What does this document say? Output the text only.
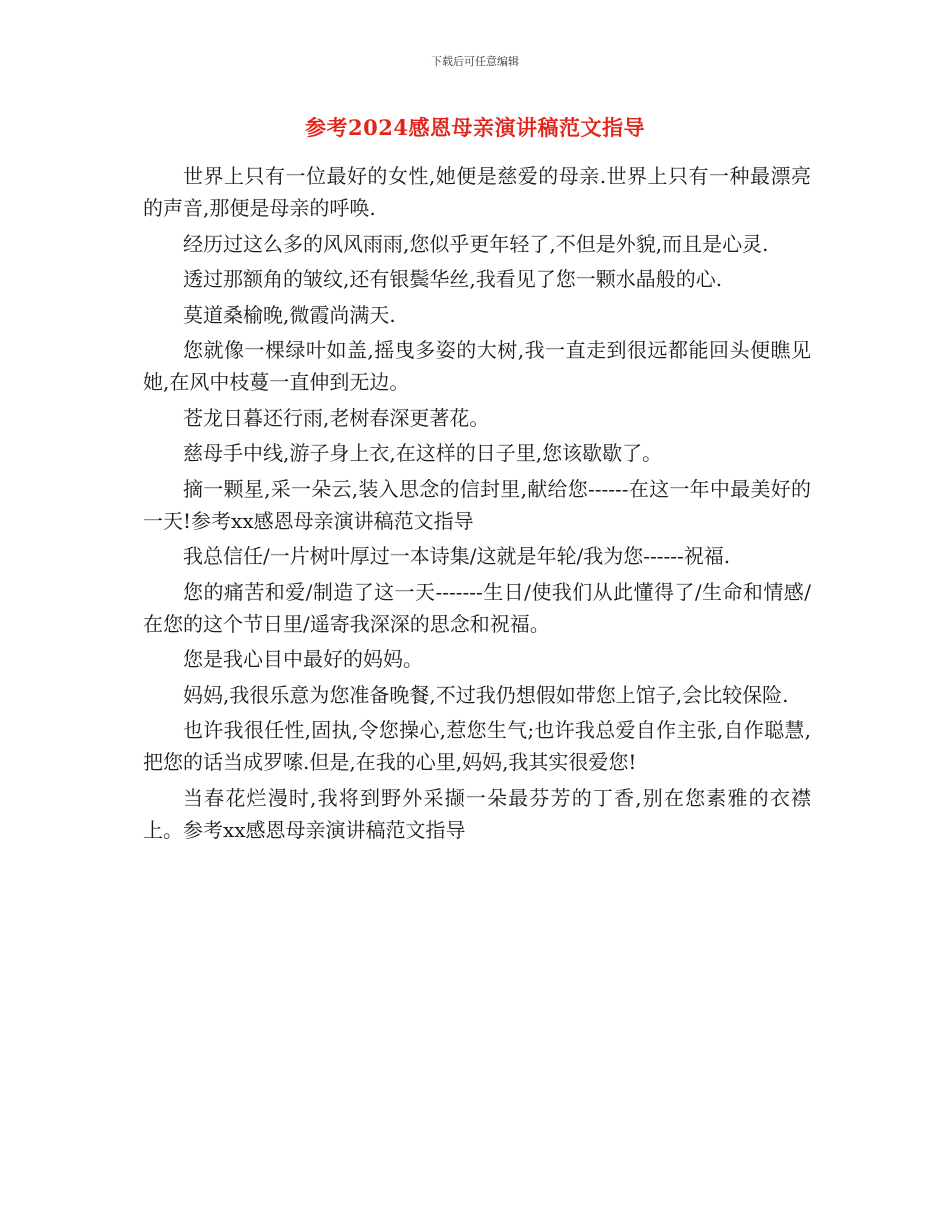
下载后可任意编辑
参考2024感恩母亲演讲稿范文指导

世界上只有一位最好的女性,她便是慈爱的母亲.世界上只有一种最漂亮的声音,那便是母亲的呼唤.

经历过这么多的风风雨雨,您似乎更年轻了,不但是外貌,而且是心灵.

透过那额角的皱纹,还有银鬓华丝,我看见了您一颗水晶般的心.

莫道桑榆晚,微霞尚满天.

您就像一棵绿叶如盖,摇曳多姿的大树,我一直走到很远都能回头便瞧见她,在风中枝蔓一直伸到无边。

苍龙日暮还行雨,老树春深更著花。

慈母手中线,游子身上衣,在这样的日子里,您该歇歇了。

摘一颗星,采一朵云,装入思念的信封里,献给您------在这一年中最美好的一天!参考xx感恩母亲演讲稿范文指导

我总信任/一片树叶厚过一本诗集/这就是年轮/我为您------祝福.

您的痛苦和爱/制造了这一天-------生日/使我们从此懂得了/生命和情感/在您的这个节日里/遥寄我深深的思念和祝福。

您是我心目中最好的妈妈。

妈妈,我很乐意为您准备晚餐,不过我仍想假如带您上馆子,会比较保险.

也许我很任性,固执,令您操心,惹您生气;也许我总爱自作主张,自作聪慧,把您的话当成罗嗦.但是,在我的心里,妈妈,我其实很爱您!

当春花烂漫时,我将到野外采撷一朵最芬芳的丁香,别在您素雅的衣襟上。参考xx感恩母亲演讲稿范文指导
